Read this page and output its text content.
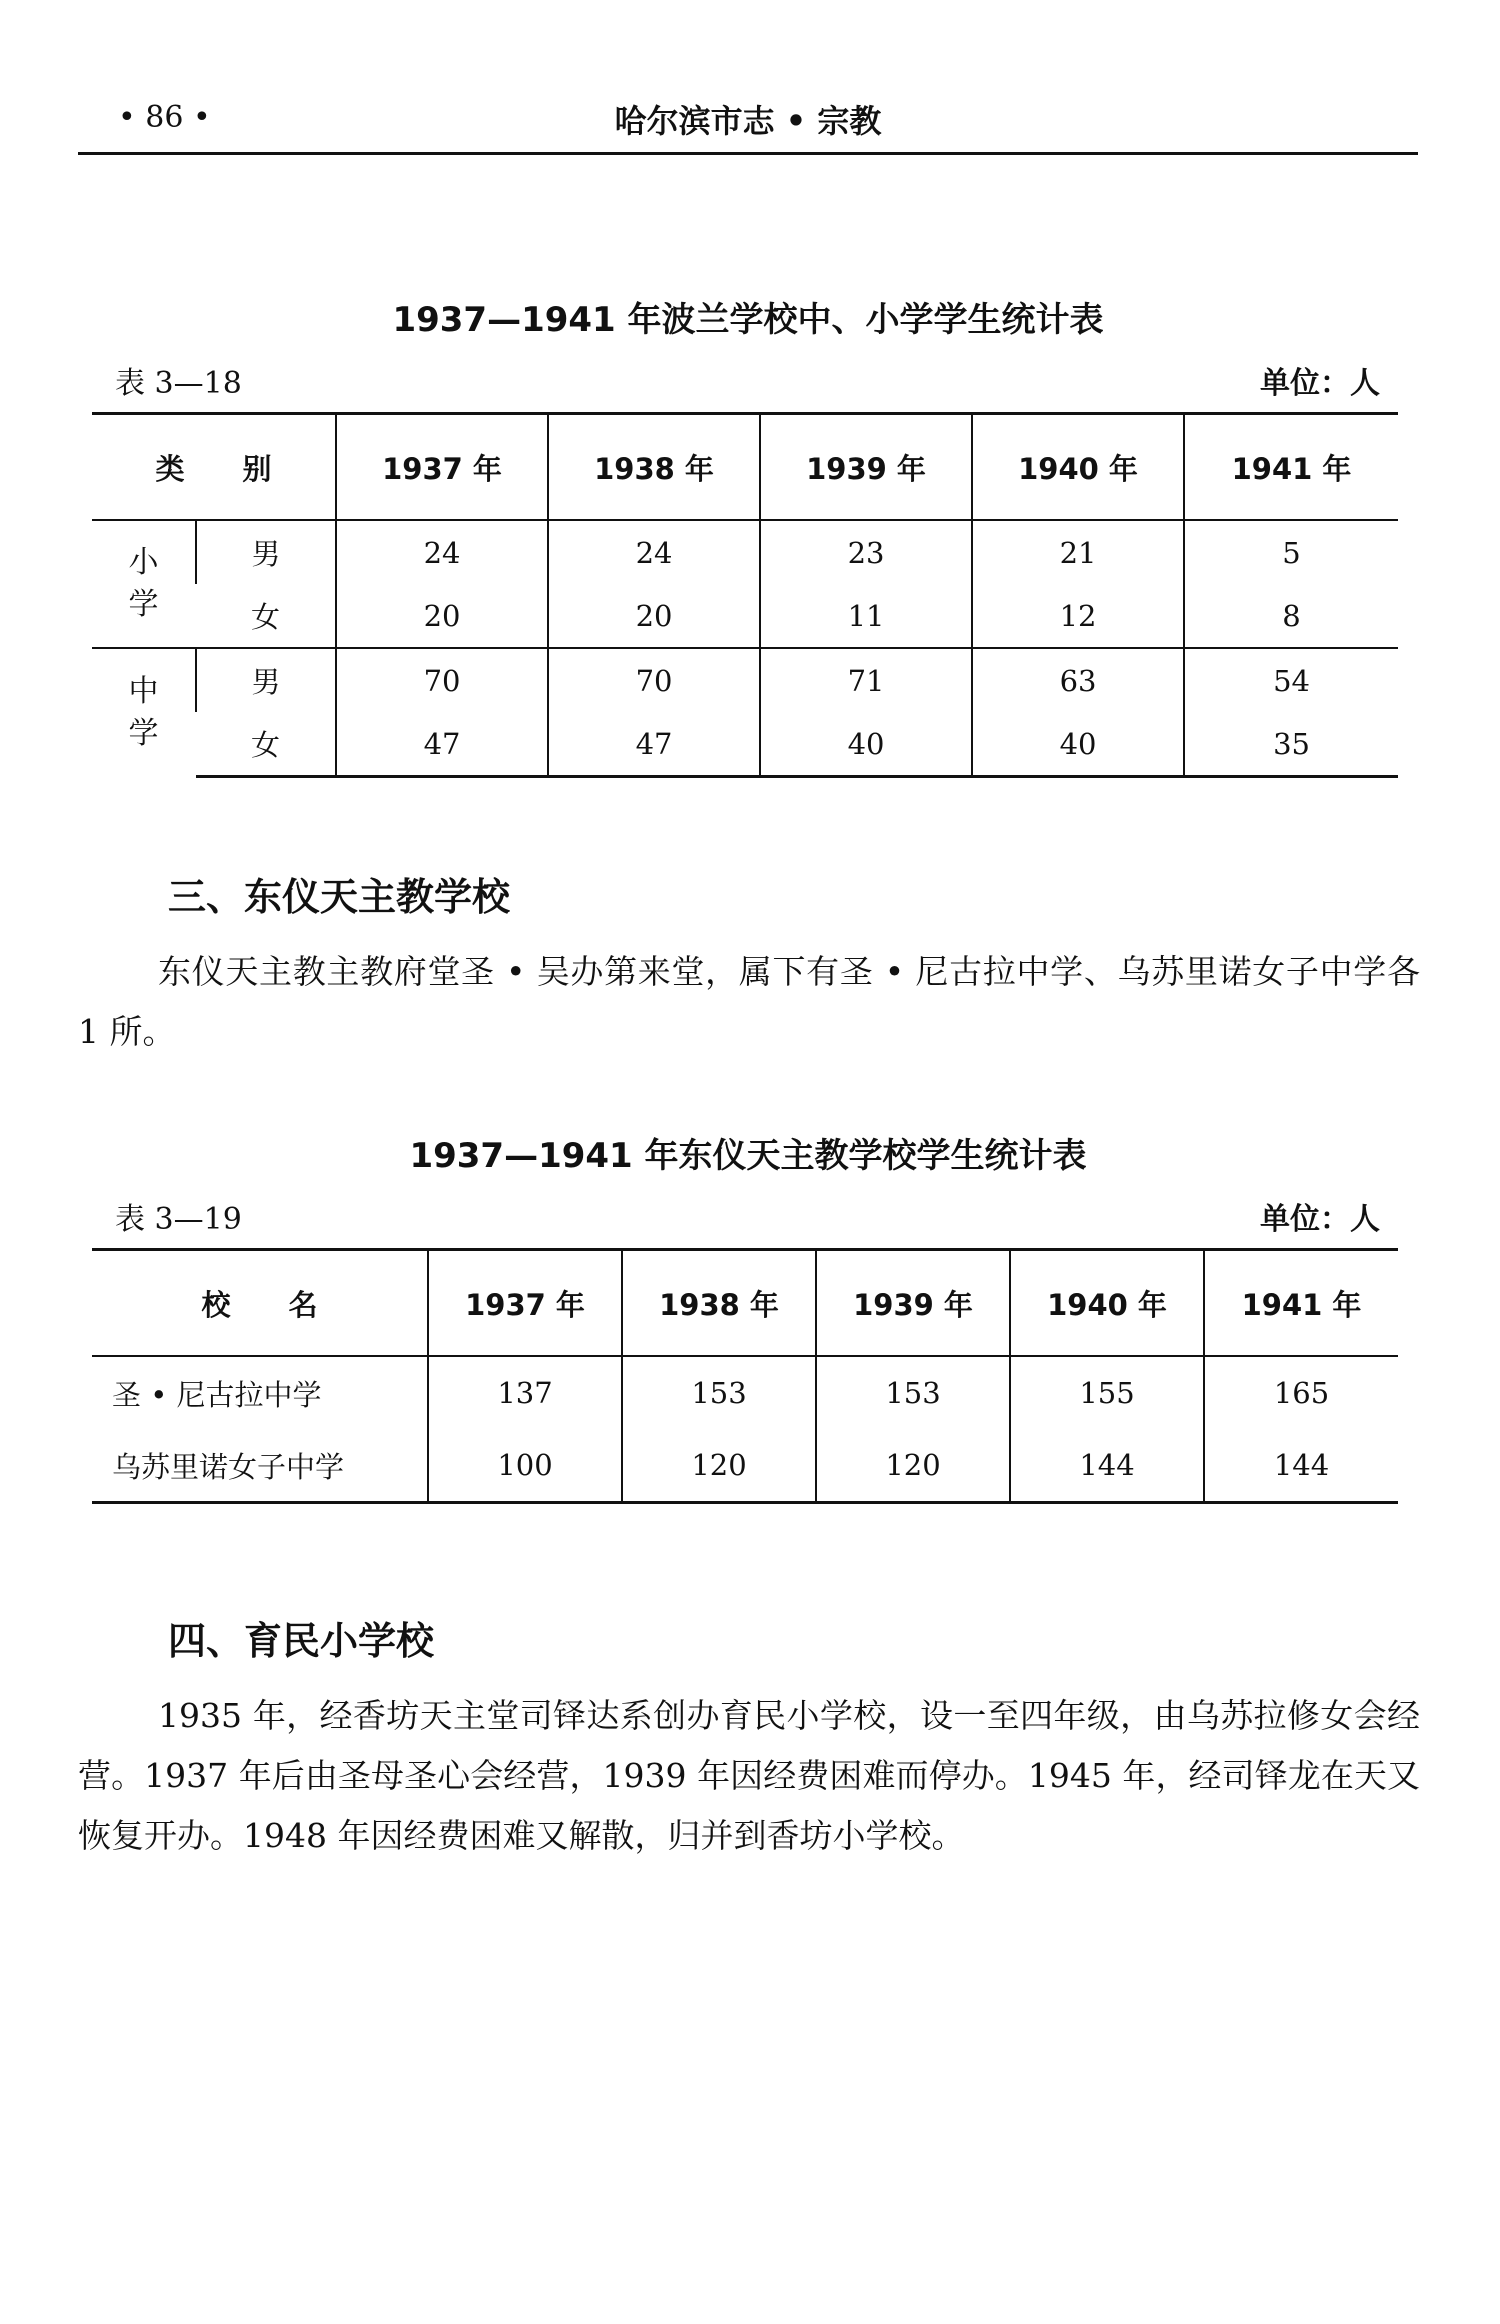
• 86 •	哈尔滨市志 • 宗教
1937—1941 年波兰学校中、小学学生统计表
表 3—18	单位：人
类　　别		1937 年	1938 年	1939 年	1940 年	1941 年
小学	男	24	24	23	21	5
	女	20	20	11	12	8
中学	男	70	70	71	63	54
	女	47	47	40	40	35
三、东仪天主教学校

东仪天主教主教府堂圣 • 吴办第来堂，属下有圣 • 尼古拉中学、乌苏里诺女子中学各 1 所。

1937—1941 年东仪天主教学校学生统计表
表 3—19	单位：人
校　　名	1937 年	1938 年	1939 年	1940 年	1941 年
圣 • 尼古拉中学	137	153	153	155	165
乌苏里诺女子中学	100	120	120	144	144
四、育民小学校

1935 年，经香坊天主堂司铎达系创办育民小学校，设一至四年级，由乌苏拉修女会经营。1937 年后由圣母圣心会经营，1939 年因经费困难而停办。1945 年，经司铎龙在天又恢复开办。1948 年因经费困难又解散，归并到香坊小学校。
